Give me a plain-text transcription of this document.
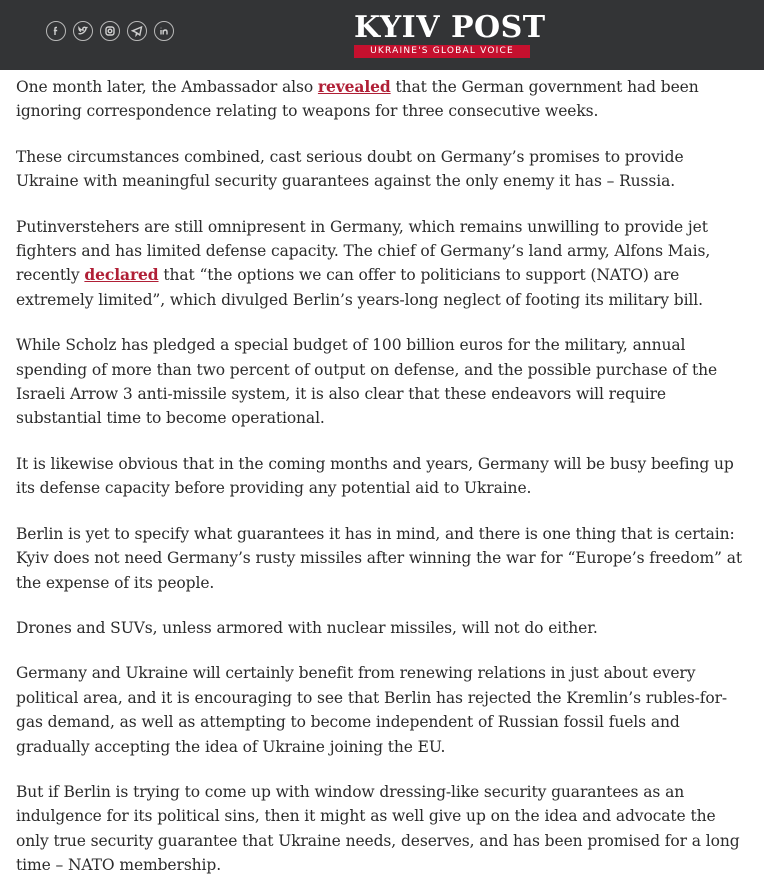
KYIV POST
UKRAINE'S GLOBAL VOICE

One month later, the Ambassador also revealed that the German government had been ignoring correspondence relating to weapons for three consecutive weeks.

These circumstances combined, cast serious doubt on Germany’s promises to provide Ukraine with meaningful security guarantees against the only enemy it has – Russia.

Putinverstehers are still omnipresent in Germany, which remains unwilling to provide jet fighters and has limited defense capacity. The chief of Germany’s land army, Alfons Mais, recently declared that “the options we can offer to politicians to support (NATO) are extremely limited”, which divulged Berlin’s years-long neglect of footing its military bill.

While Scholz has pledged a special budget of 100 billion euros for the military, annual spending of more than two percent of output on defense, and the possible purchase of the Israeli Arrow 3 anti-missile system, it is also clear that these endeavors will require substantial time to become operational.

It is likewise obvious that in the coming months and years, Germany will be busy beefing up its defense capacity before providing any potential aid to Ukraine.

Berlin is yet to specify what guarantees it has in mind, and there is one thing that is certain: Kyiv does not need Germany’s rusty missiles after winning the war for “Europe’s freedom” at the expense of its people.

Drones and SUVs, unless armored with nuclear missiles, will not do either.

Germany and Ukraine will certainly benefit from renewing relations in just about every political area, and it is encouraging to see that Berlin has rejected the Kremlin’s rubles-for-gas demand, as well as attempting to become independent of Russian fossil fuels and gradually accepting the idea of Ukraine joining the EU.

But if Berlin is trying to come up with window dressing-like security guarantees as an indulgence for its political sins, then it might as well give up on the idea and advocate the only true security guarantee that Ukraine needs, deserves, and has been promised for a long time – NATO membership.
